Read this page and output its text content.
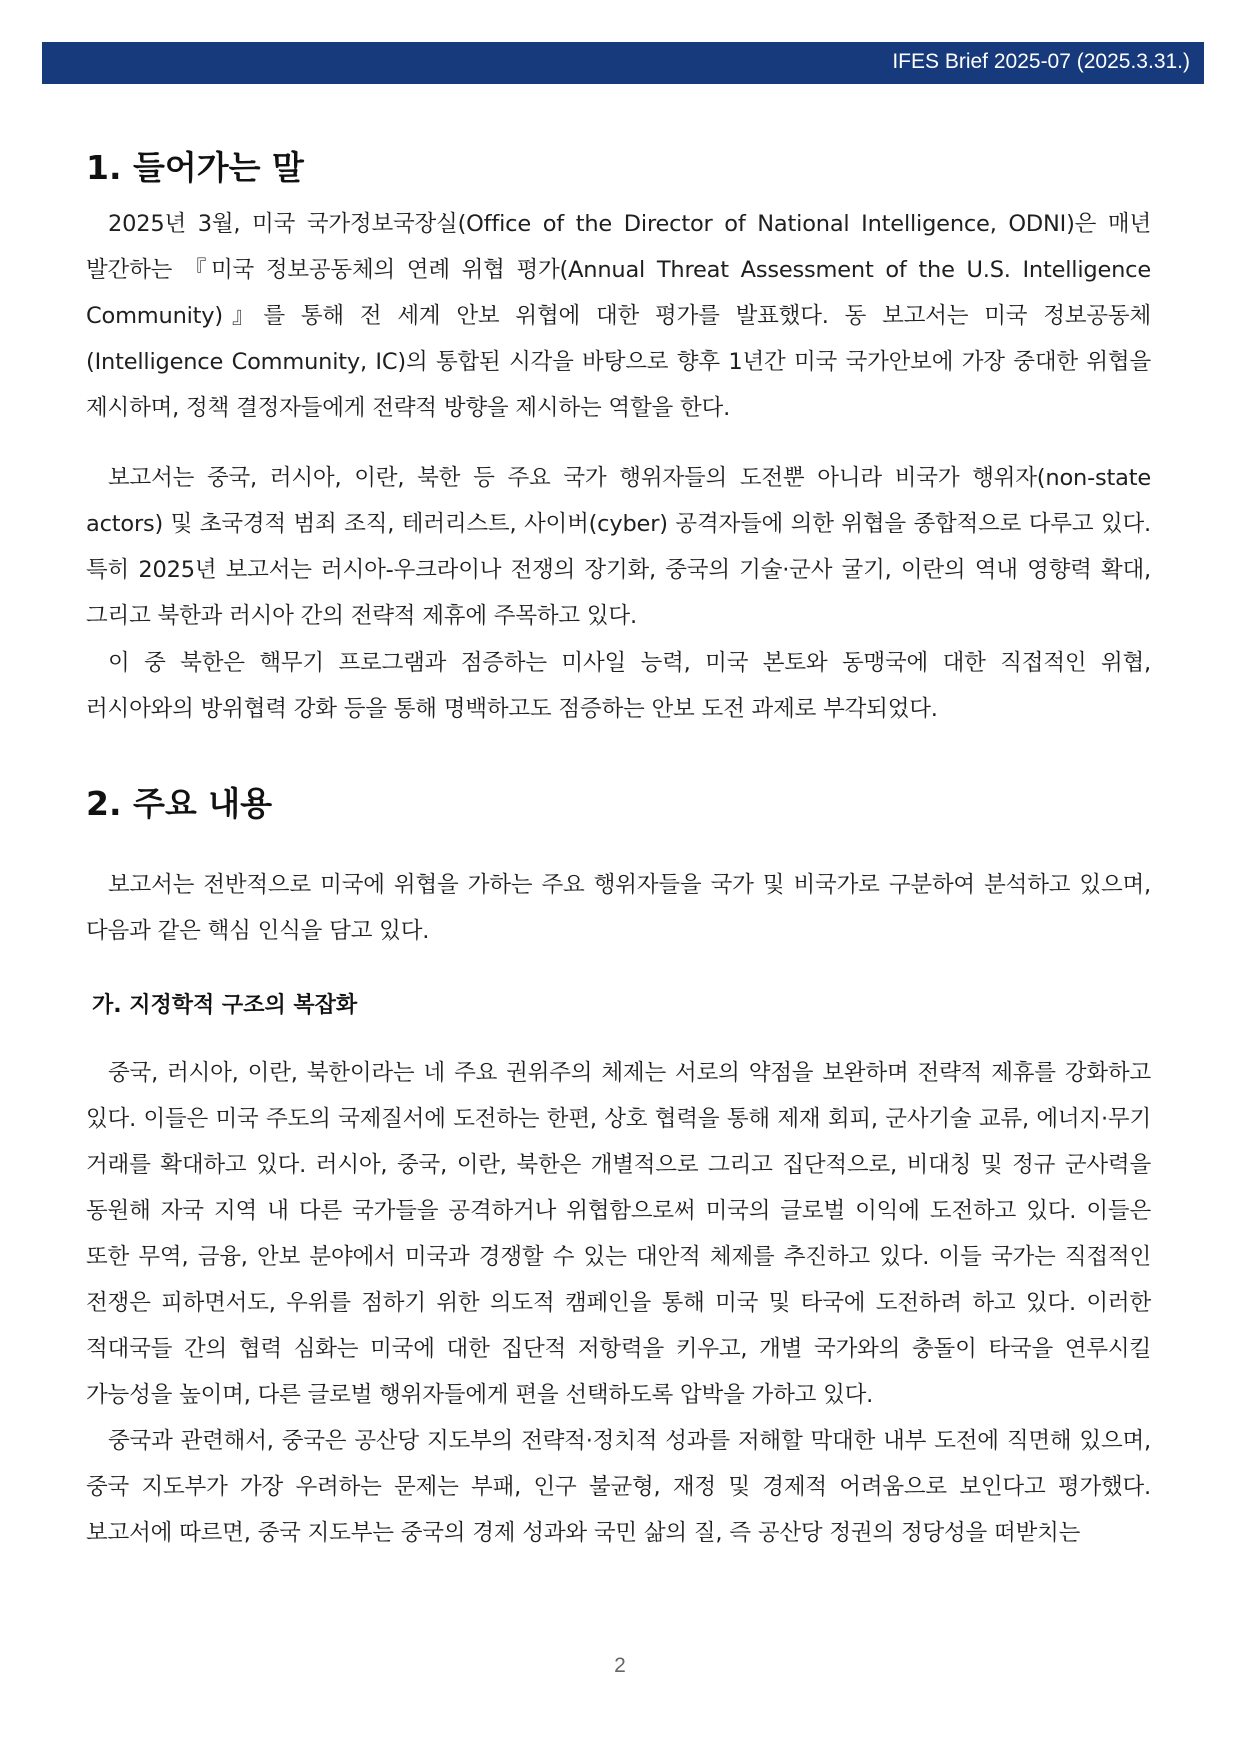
IFES Brief 2025-07 (2025.3.31.)
1. 들어가는 말

2025년 3월, 미국 국가정보국장실(Office of the Director of National Intelligence, ODNI)은 매년 발간하는 『미국 정보공동체의 연례 위협 평가(Annual Threat Assessment of the U.S. Intelligence Community)』를 통해 전 세계 안보 위협에 대한 평가를 발표했다. 동 보고서는 미국 정보공동체(Intelligence Community, IC)의 통합된 시각을 바탕으로 향후 1년간 미국 국가안보에 가장 중대한 위협을 제시하며, 정책 결정자들에게 전략적 방향을 제시하는 역할을 한다.

보고서는 중국, 러시아, 이란, 북한 등 주요 국가 행위자들의 도전뿐 아니라 비국가 행위자(non-state actors) 및 초국경적 범죄 조직, 테러리스트, 사이버(cyber) 공격자들에 의한 위협을 종합적으로 다루고 있다. 특히 2025년 보고서는 러시아-우크라이나 전쟁의 장기화, 중국의 기술·군사 굴기, 이란의 역내 영향력 확대, 그리고 북한과 러시아 간의 전략적 제휴에 주목하고 있다.

이 중 북한은 핵무기 프로그램과 점증하는 미사일 능력, 미국 본토와 동맹국에 대한 직접적인 위협, 러시아와의 방위협력 강화 등을 통해 명백하고도 점증하는 안보 도전 과제로 부각되었다.

2. 주요 내용

보고서는 전반적으로 미국에 위협을 가하는 주요 행위자들을 국가 및 비국가로 구분하여 분석하고 있으며, 다음과 같은 핵심 인식을 담고 있다.

가. 지정학적 구조의 복잡화

중국, 러시아, 이란, 북한이라는 네 주요 권위주의 체제는 서로의 약점을 보완하며 전략적 제휴를 강화하고 있다. 이들은 미국 주도의 국제질서에 도전하는 한편, 상호 협력을 통해 제재 회피, 군사기술 교류, 에너지·무기 거래를 확대하고 있다. 러시아, 중국, 이란, 북한은 개별적으로 그리고 집단적으로, 비대칭 및 정규 군사력을 동원해 자국 지역 내 다른 국가들을 공격하거나 위협함으로써 미국의 글로벌 이익에 도전하고 있다. 이들은 또한 무역, 금융, 안보 분야에서 미국과 경쟁할 수 있는 대안적 체제를 추진하고 있다. 이들 국가는 직접적인 전쟁은 피하면서도, 우위를 점하기 위한 의도적 캠페인을 통해 미국 및 타국에 도전하려 하고 있다. 이러한 적대국들 간의 협력 심화는 미국에 대한 집단적 저항력을 키우고, 개별 국가와의 충돌이 타국을 연루시킬 가능성을 높이며, 다른 글로벌 행위자들에게 편을 선택하도록 압박을 가하고 있다.

중국과 관련해서, 중국은 공산당 지도부의 전략적·정치적 성과를 저해할 막대한 내부 도전에 직면해 있으며, 중국 지도부가 가장 우려하는 문제는 부패, 인구 불균형, 재정 및 경제적 어려움으로 보인다고 평가했다. 보고서에 따르면, 중국 지도부는 중국의 경제 성과와 국민 삶의 질, 즉 공산당 정권의 정당성을 떠받치는

2
